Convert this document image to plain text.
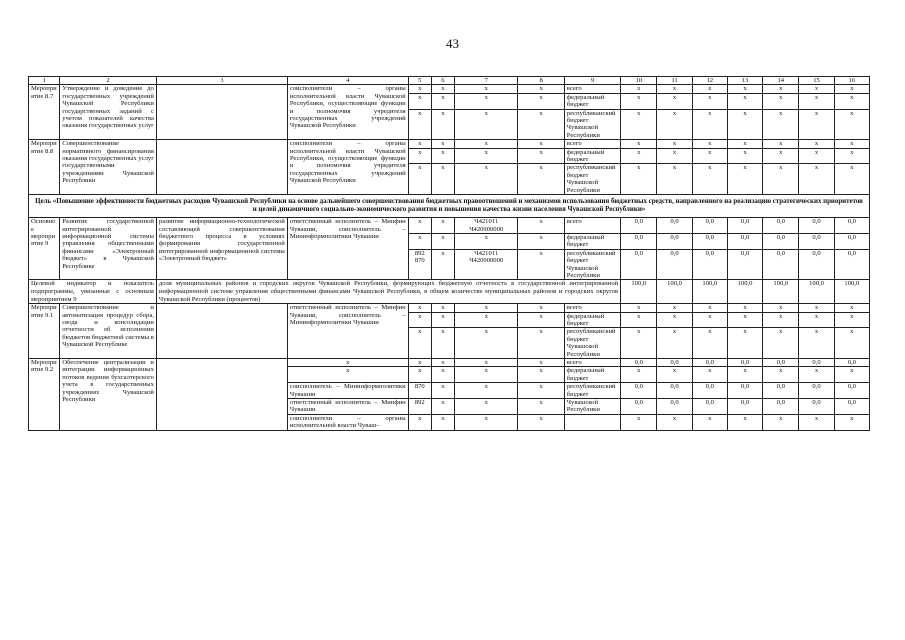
43
1	2	3	4	5	6	7	8	9	10	11	12	13	14	15	16
Мероприятие 8.7	Утверждение и доведение до государственных учреждений Чувашской Республики государственных заданий с учетом показателей качества оказания государственных услуг		соисполнители – органы исполнительной власти Чувашской Республики, осуществляющие функции и полномочия учредителя государственных учреждений Чувашской Республики	x	x	x	x	всего	x	x	x	x	x	x	x
				x	x	x	x	федеральный бюджет	x	x	x	x	x	x	x
				x	x	x	x	республиканский бюджет Чувашской Республики	x	x	x	x	x	x	x
Мероприятие 8.8	Совершенствование нормативного финансирования оказания государственных услуг государственными учреждениями Чувашской Республики		соисполнители – органы исполнительной власти Чувашской Республики, осуществляющие функции и полномочия учредителя государственных учреждений Чувашской Республики	x	x	x	x	всего	x	x	x	x	x	x	x
				x	x	x	x	федеральный бюджет	x	x	x	x	x	x	x
				x	x	x	x	республиканский бюджет Чувашской Республики	x	x	x	x	x	x	x
Цель «Повышение эффективности бюджетных расходов Чувашской Республики на основе дальнейшего совершенствования бюджетных правоотношений и механизмов использования бюджетных средств, направленного на реализацию стратегических приоритетов и целей динамичного социально-экономического развития и повышения качества жизни населения Чувашской Республики»															
Основное мероприятие 9	Развитие государственной интегрированной информационной системы управления общественными финансами «Электронный бюджет» в Чувашской Республике	развитие информационно-технологической составляющей совершенствования бюджетного процесса в условиях формирования государственной интегрированной информационной системы «Электронный бюджет»	ответственный исполнитель – Минфин Чувашии, соисполнитель – Мининформполитики Чувашии	x	x	Ч421011 Ч420900000	x	всего	0,0	0,0	0,0	0,0	0,0	0,0	0,0
				x	x	x	x	федеральный бюджет	0,0	0,0	0,0	0,0	0,0	0,0	0,0
				892 870	x	Ч421011 Ч420900000	x	республиканский бюджет Чувашской Республики	0,0	0,0	0,0	0,0	0,0	0,0	0,0
Целевой индикатор и показатель подпрограммы, увязанные с основным мероприятием 9		доля муниципальных районов и городских округов Чувашской Республики, формирующих бюджетную отчетность в государственной интегрированной информационной системе управления общественными финансами Чувашской Республики, в общем количестве муниципальных районов и городских округов Чувашской Республики (процентов)							100,0	100,0	100,0	100,0	100,0	100,0	100,0
Мероприятие 9.1	Совершенствование и автоматизация процедур сбора, свода и консолидации отчетности об исполнении бюджетов бюджетной системы в Чувашской Республике		ответственный исполнитель – Минфин Чувашии, соисполнитель – Мининформполитики Чувашии	x	x	x	x	всего	x	x	x	x	x	x	x
				x	x	x	x	федеральный бюджет	x	x	x	x	x	x	x
				x	x	x	x	республиканский бюджет Чувашской Республики	x	x	x	x	x	x	x
Мероприятие 9.2	Обеспечение централизации и интеграции информационных потоков ведения бухгалтерского учета в государственных учреждениях Чувашской Республики		x	x	x	x	x	всего	0,0	0,0	0,0	0,0	0,0	0,0	0,0
			x	x	x	x	x	федеральный бюджет	x	x	x	x	x	x	x
			соисполнитель – Мининформполитики Чувашии	870	x	x	x	республиканский бюджет	0,0	0,0	0,0	0,0	0,0	0,0	0,0
			ответственный исполнитель – Минфин Чувашии	892	x	x	x	Чувашской Республики	0,0	0,0	0,0	0,0	0,0	0,0	0,0
			соисполнители – органы исполнительной власти Чуваш-	x	x	x	x		x	x	x	x	x	x	x
